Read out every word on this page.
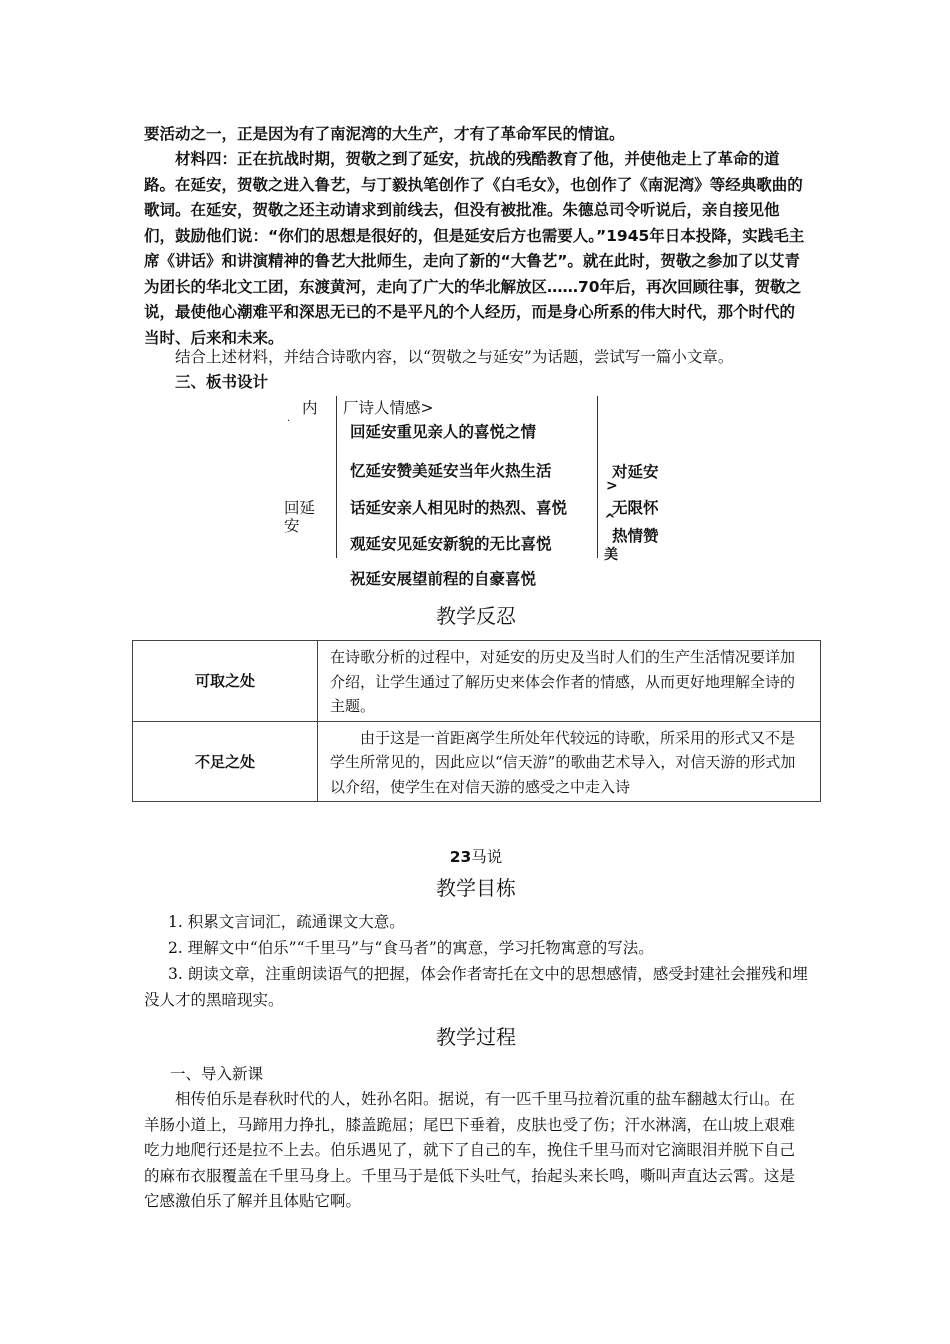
要活动之一，正是因为有了南泥湾的大生产，才有了革命军民的情谊。

材料四：正在抗战时期，贺敬之到了延安，抗战的残酷教育了他，并使他走上了革命的道路。在延安，贺敬之进入鲁艺，与丁毅执笔创作了《白毛女》，也创作了《南泥湾》等经典歌曲的歌词。在延安，贺敬之还主动请求到前线去，但没有被批准。朱德总司令听说后，亲自接见他们，鼓励他们说：“你们的思想是很好的，但是延安后方也需要人。”1945年日本投降，实践毛主席《讲话》和讲演精神的鲁艺大批师生，走向了新的“大鲁艺”。就在此时，贺敬之参加了以艾青为团长的华北文工团，东渡黄河，走向了广大的华北解放区……70年后，再次回顾往事，贺敬之说，最使他心潮难平和深思无已的不是平凡的个人经历，而是身心所系的伟大时代，那个时代的当时、后来和未来。

结合上述材料，并结合诗歌内容，以“贺敬之与延安”为话题，尝试写一篇小文章。

三、板书设计

内
.
厂诗人情感>
回延安重见亲人的喜悦之情
忆延安赞美延安当年火热生活
话延安亲人相见时的热烈、喜悦
观延安见延安新貌的无比喜悦
祝延安展望前程的自豪喜悦
回延
安
对延安
>
无限怀
^
热情赞
美
教学反忍
可取之处	在诗歌分析的过程中，对延安的历史及当时人们的生产生活情况要详加介绍，让学生通过了解历史来体会作者的情感，从而更好地理解全诗的主题。
不足之处	由于这是一首距离学生所处年代较远的诗歌，所采用的形式又不是学生所常见的，因此应以“信天游”的歌曲艺术导入，对信天游的形式加以介绍，使学生在对信天游的感受之中走入诗
23马说
教学目栋

1. 积累文言词汇，疏通课文大意。

2. 理解文中“伯乐”“千里马”与“食马者”的寓意，学习托物寓意的写法。

3. 朗读文章，注重朗读语气的把握，体会作者寄托在文中的思想感情，感受封建社会摧残和埋没人才的黑暗现实。

教学过程

一、导入新课

相传伯乐是春秋时代的人，姓孙名阳。据说，有一匹千里马拉着沉重的盐车翻越太行山。在羊肠小道上，马蹄用力挣扎，膝盖跪屈；尾巴下垂着，皮肤也受了伤；汗水淋漓，在山坡上艰难吃力地爬行还是拉不上去。伯乐遇见了，就下了自己的车，挽住千里马而对它滴眼泪并脱下自己的麻布衣服覆盖在千里马身上。千里马于是低下头吐气，抬起头来长鸣，嘶叫声直达云霄。这是它感激伯乐了解并且体贴它啊。
